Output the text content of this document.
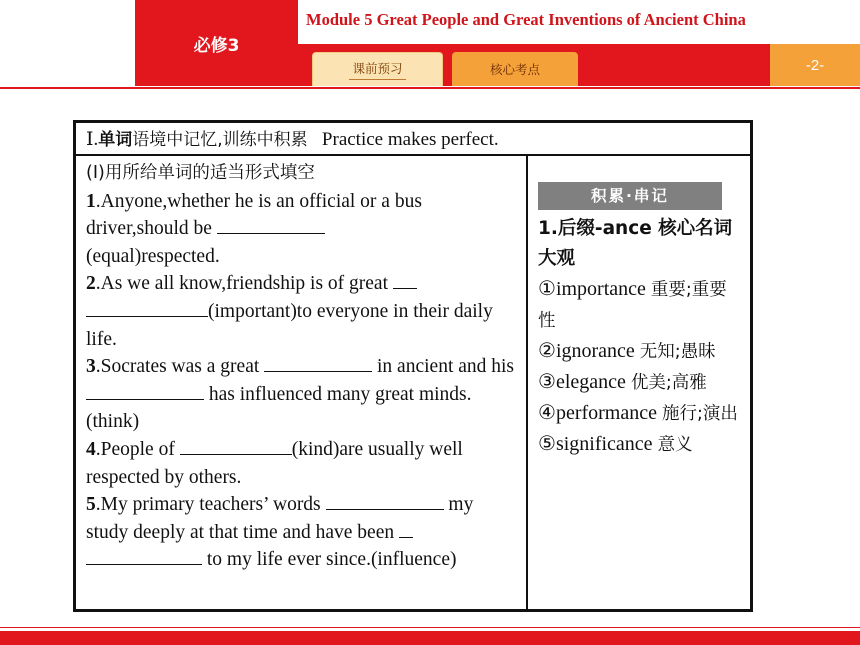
必修3
Module 5 Great People and Great Inventions of Ancient China
课前预习	核心考点	-2-
Ⅰ.单词语境中记忆,训练中积累 Practice makes perfect.

(Ⅰ)用所给单词的适当形式填空

1.Anyone,whether he is an official or a bus driver,should be
(equal)respected.

2.As we all know,friendship is of great
(important)to everyone in their daily life.

3.Socrates was a great	in ancient and his  has influenced many great minds.(think)

4.People of	(kind)are usually well respected by others.

5.My primary teachers’ words	my study deeply at that time and have been
to my life ever since.(influence)

积累·串记

1.后缀-ance 核心名词大观

①importance 重要;重要性

②ignorance 无知;愚昧

③elegance 优美;高雅

④performance 施行;演出

⑤significance 意义
